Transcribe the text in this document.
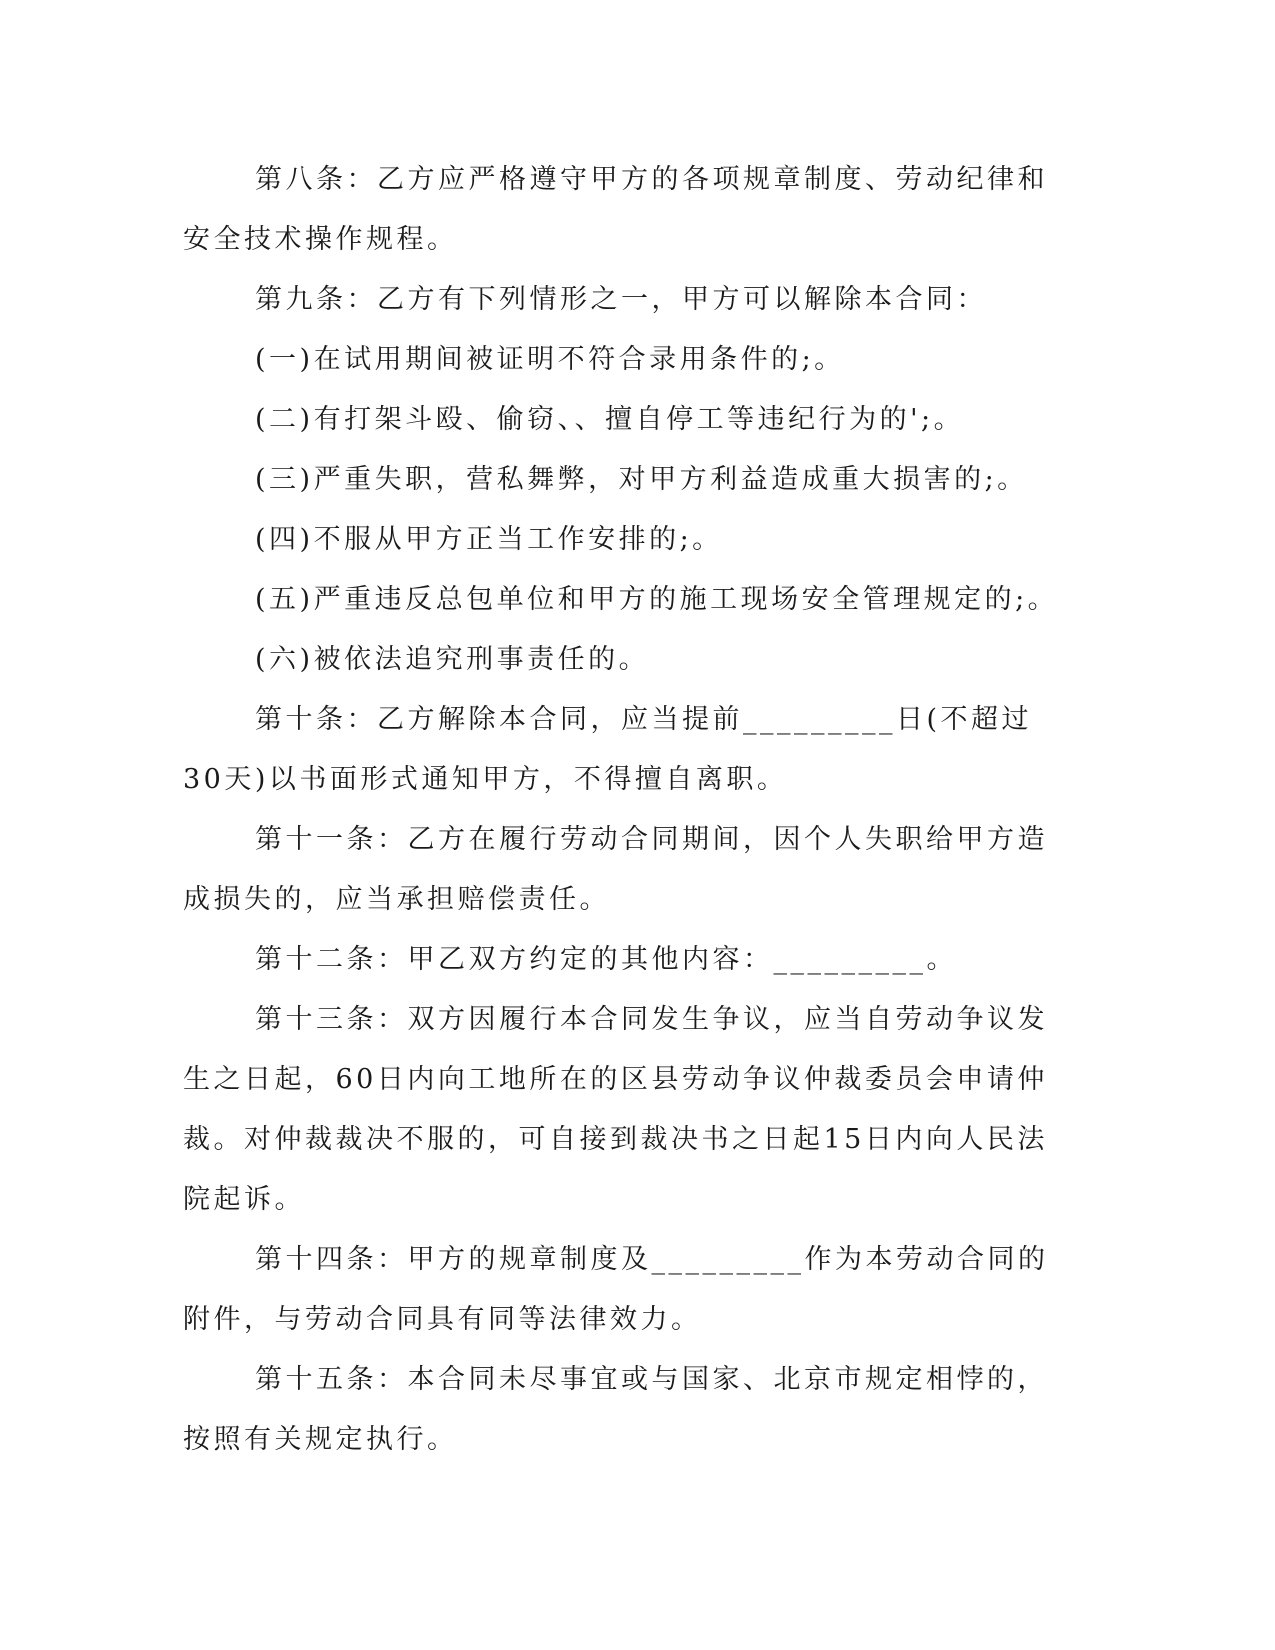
第八条：乙方应严格遵守甲方的各项规章制度、劳动纪律和安全技术操作规程。

第九条：乙方有下列情形之一，甲方可以解除本合同：

(一)在试用期间被证明不符合录用条件的;。

(二)有打架斗殴、偷窃、、擅自停工等违纪行为的';。

(三)严重失职，营私舞弊，对甲方利益造成重大损害的;。

(四)不服从甲方正当工作安排的;。

(五)严重违反总包单位和甲方的施工现场安全管理规定的;。

(六)被依法追究刑事责任的。

第十条：乙方解除本合同，应当提前_________日(不超过30天)以书面形式通知甲方，不得擅自离职。

第十一条：乙方在履行劳动合同期间，因个人失职给甲方造成损失的，应当承担赔偿责任。

第十二条：甲乙双方约定的其他内容：_________。

第十三条：双方因履行本合同发生争议，应当自劳动争议发生之日起，60日内向工地所在的区县劳动争议仲裁委员会申请仲裁。对仲裁裁决不服的，可自接到裁决书之日起15日内向人民法院起诉。

第十四条：甲方的规章制度及_________作为本劳动合同的附件，与劳动合同具有同等法律效力。

第十五条：本合同未尽事宜或与国家、北京市规定相悖的，按照有关规定执行。
